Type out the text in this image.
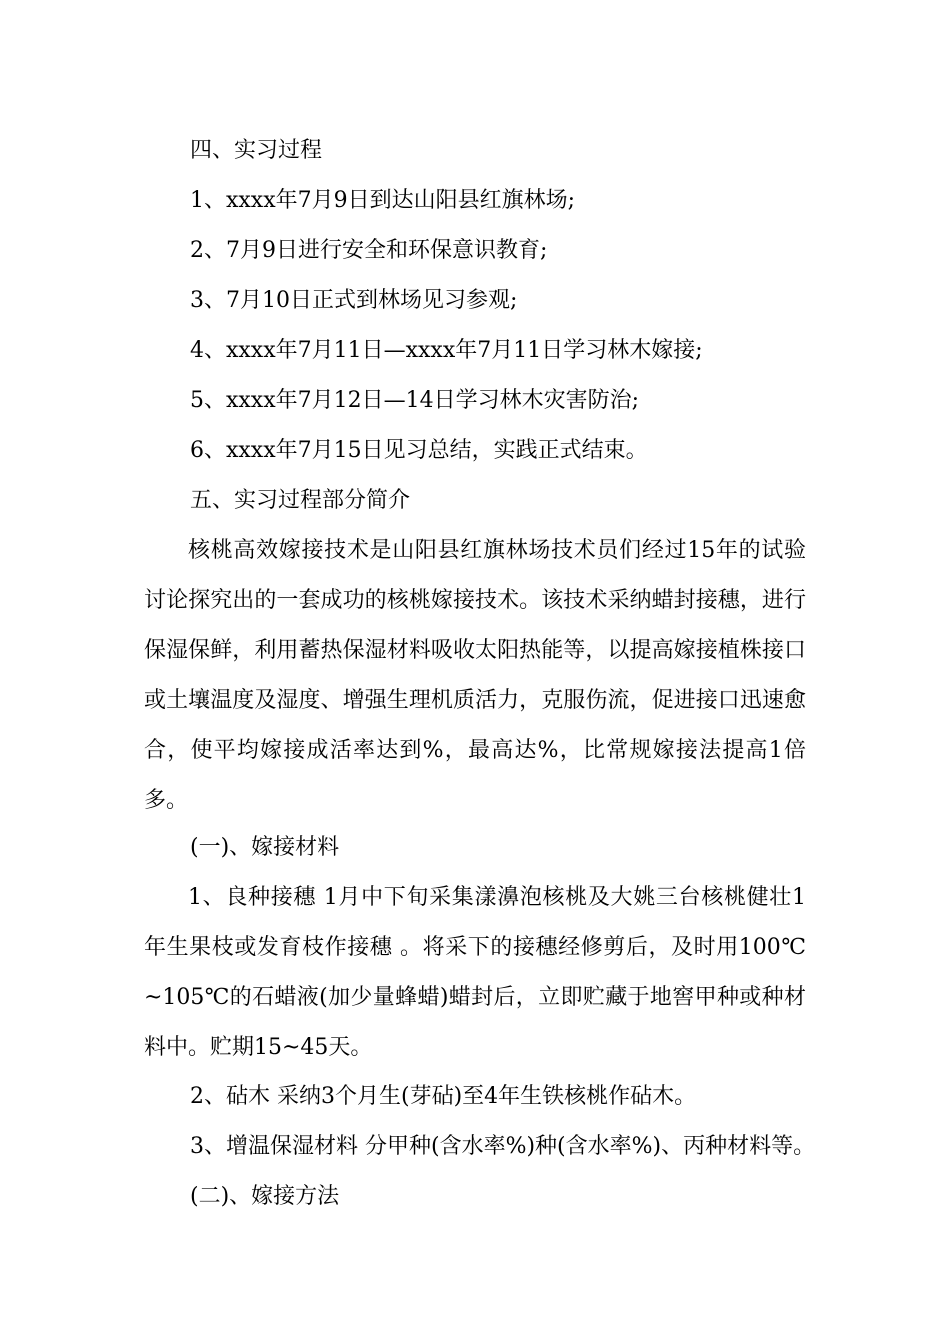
四、实习过程
1、xxxx年7月9日到达山阳县红旗林场;
2、7月9日进行安全和环保意识教育;
3、7月10日正式到林场见习参观;
4、xxxx年7月11日—xxxx年7月11日学习林木嫁接;
5、xxxx年7月12日—14日学习林木灾害防治;
6、xxxx年7月15日见习总结，实践正式结束。
五、实习过程部分简介

核桃高效嫁接技术是山阳县红旗林场技术员们经过15年的试验讨论探究出的一套成功的核桃嫁接技术。该技术采纳蜡封接穗，进行保湿保鲜，利用蓄热保湿材料吸收太阳热能等，以提高嫁接植株接口或土壤温度及湿度、增强生理机质活力，克服伤流，促进接口迅速愈合，使平均嫁接成活率达到%，最高达%，比常规嫁接法提高1倍多。

(一)、嫁接材料

1、良种接穗 1月中下旬采集漾濞泡核桃及大姚三台核桃健壮1年生果枝或发育枝作接穗 。将采下的接穗经修剪后，及时用100℃~105℃的石蜡液(加少量蜂蜡)蜡封后，立即贮藏于地窖甲种或种材料中。贮期15~45天。

2、砧木 采纳3个月生(芽砧)至4年生铁核桃作砧木。
3、增温保湿材料 分甲种(含水率%)种(含水率%)、丙种材料等。
(二)、嫁接方法
